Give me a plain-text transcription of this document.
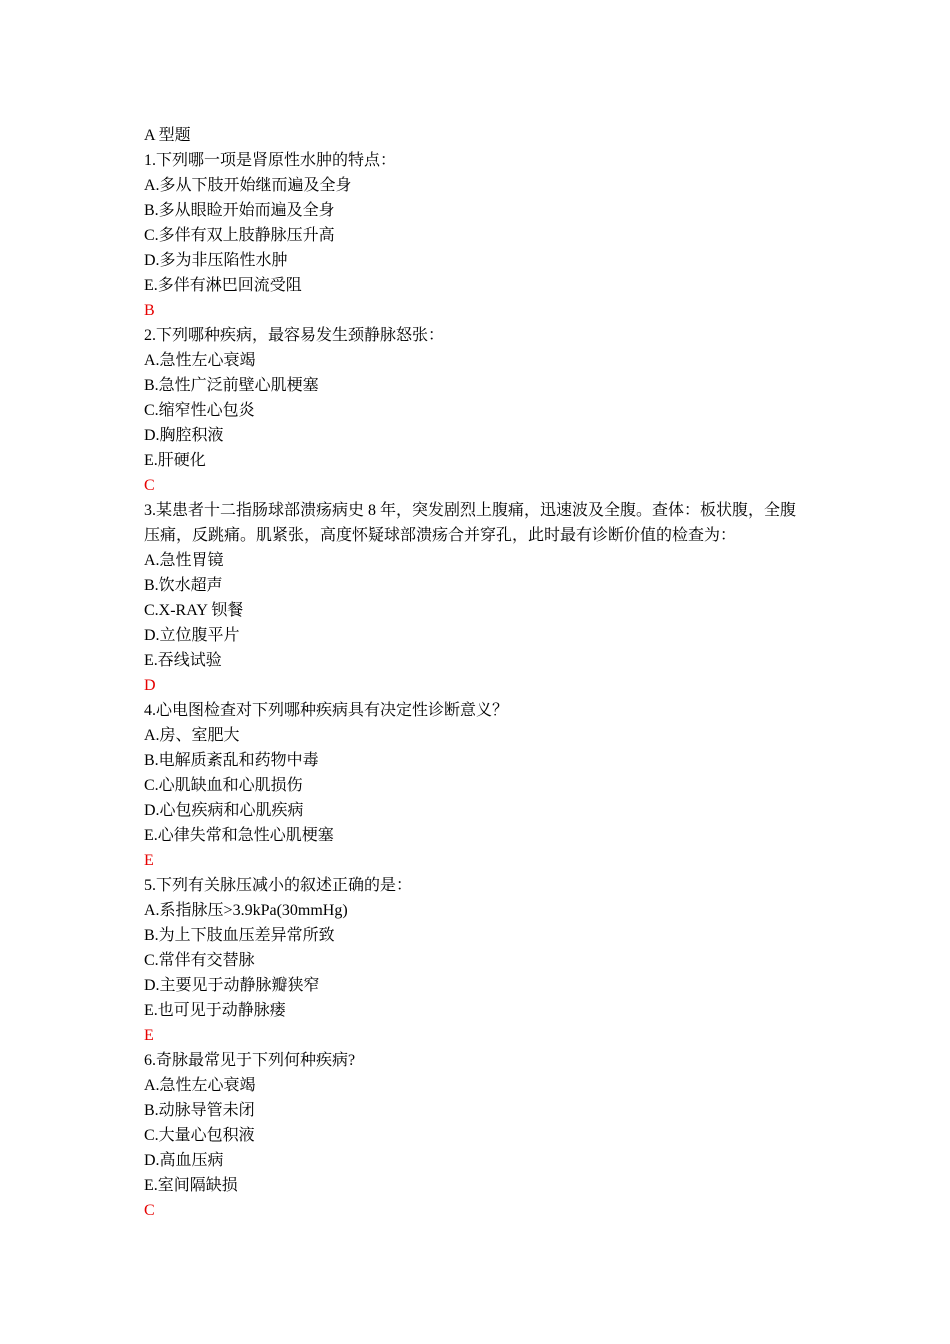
A 型题
1.下列哪一项是肾原性水肿的特点：
A.多从下肢开始继而遍及全身
B.多从眼睑开始而遍及全身
C.多伴有双上肢静脉压升高
D.多为非压陷性水肿
E.多伴有淋巴回流受阻
B
2.下列哪种疾病，最容易发生颈静脉怒张：
A.急性左心衰竭
B.急性广泛前壁心肌梗塞
C.缩窄性心包炎
D.胸腔积液
E.肝硬化
C
3.某患者十二指肠球部溃疡病史 8 年，突发剧烈上腹痛，迅速波及全腹。查体：板状腹，全腹
压痛，反跳痛。肌紧张，高度怀疑球部溃疡合并穿孔，此时最有诊断价值的检查为：
A.急性胃镜
B.饮水超声
C.X-RAY 钡餐
D.立位腹平片
E.吞线试验
D
4.心电图检查对下列哪种疾病具有决定性诊断意义？
A.房、室肥大
B.电解质紊乱和药物中毒
C.心肌缺血和心肌损伤
D.心包疾病和心肌疾病
E.心律失常和急性心肌梗塞
E
5.下列有关脉压减小的叙述正确的是：
A.系指脉压>3.9kPa(30mmHg)
B.为上下肢血压差异常所致
C.常伴有交替脉
D.主要见于动静脉瓣狭窄
E.也可见于动静脉瘘
E
6.奇脉最常见于下列何种疾病?
A.急性左心衰竭
B.动脉导管未闭
C.大量心包积液
D.高血压病
E.室间隔缺损
C
